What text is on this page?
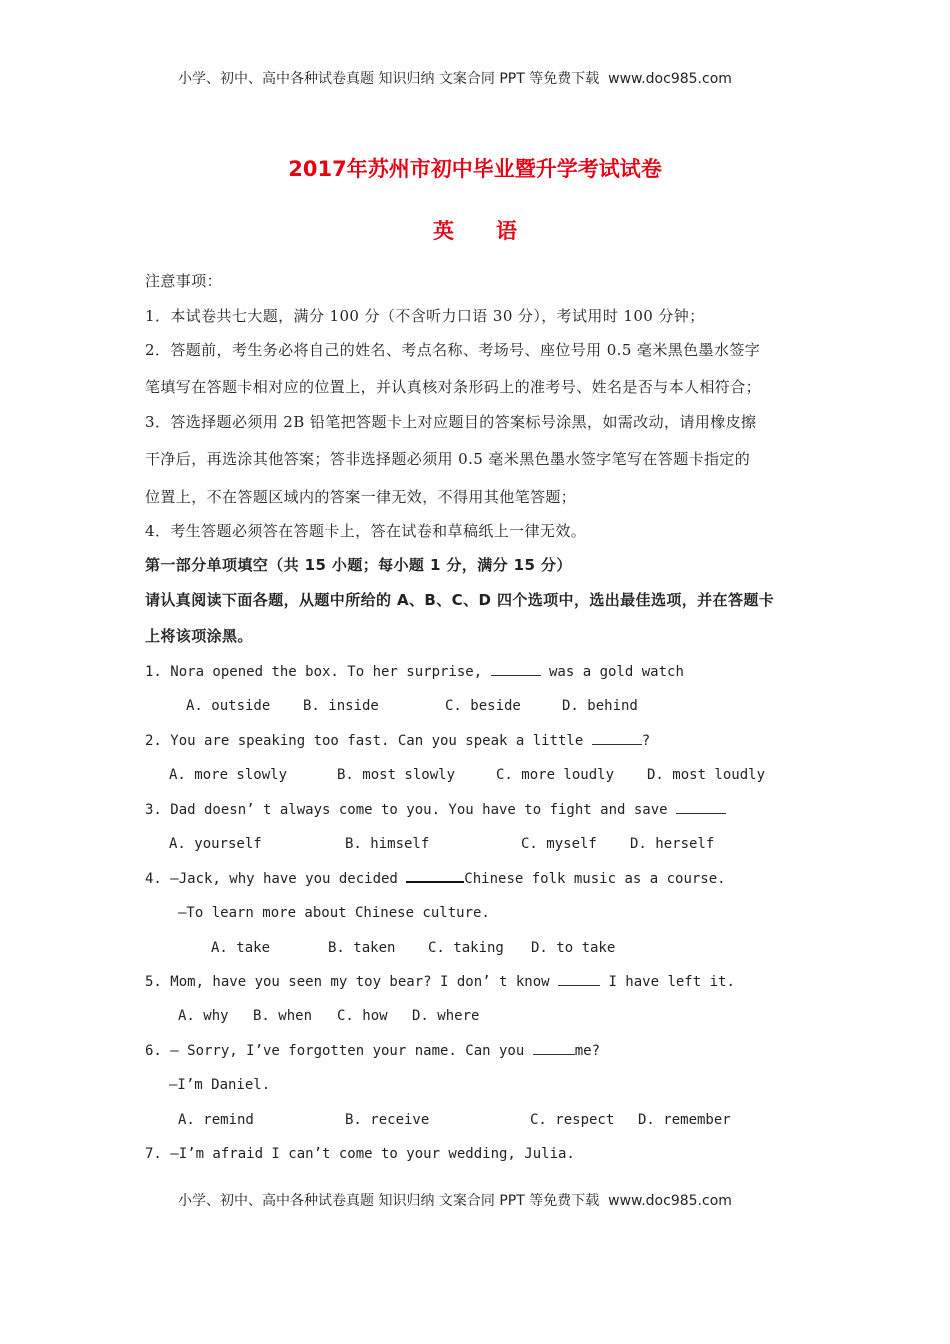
小学、初中、高中各种试卷真题 知识归纳 文案合同 PPT 等免费下载 www.doc985.com
2017年苏州市初中毕业暨升学考试试卷
英　　语
注意事项：
1．本试卷共七大题，满分 100 分（不含听力口语 30 分），考试用时 100 分钟；
2．答题前，考生务必将自己的姓名、考点名称、考场号、座位号用 0.5 毫米黑色墨水签字
笔填写在答题卡相对应的位置上，并认真核对条形码上的准考号、姓名是否与本人相符合；
3．答选择题必须用 2B 铅笔把答题卡上对应题目的答案标号涂黑，如需改动，请用橡皮擦
干净后，再选涂其他答案；答非选择题必须用 0.5 毫米黑色墨水签字笔写在答题卡指定的
位置上，不在答题区域内的答案一律无效，不得用其他笔答题；
4．考生答题必须答在答题卡上，答在试卷和草稿纸上一律无效。
第一部分单项填空（共 15 小题；每小题 1 分，满分 15 分）
请认真阅读下面各题，从题中所给的 A、B、C、D 四个选项中，选出最佳选项，并在答题卡
上将该项涂黑。
1. Nora opened the box. To her surprise,	was a gold watch
A. outside B. inside	C. beside	D. behind
2. You are speaking too fast. Can you speak a little	?
A. more slowly	B. most slowly	C. more loudly D. most loudly
3. Dad doesn’ t always come to you. You have to fight and save
A. yourself	B. himself	C. myself D. herself
4. —Jack, why have you decided	Chinese folk music as a course.
—To learn more about Chinese culture.
A. take	B. taken C. taking D. to take
5. Mom, have you seen my toy bear? I don’ t know	I have left it.
A. why B. when C. how D. where
6. — Sorry, I’ve forgotten your name. Can you	me?
—I’m Daniel.
A. remind	B. receive	C. respect D. remember
7. —I’m afraid I can’t come to your wedding, Julia.
小学、初中、高中各种试卷真题 知识归纳 文案合同 PPT 等免费下载 www.doc985.com
